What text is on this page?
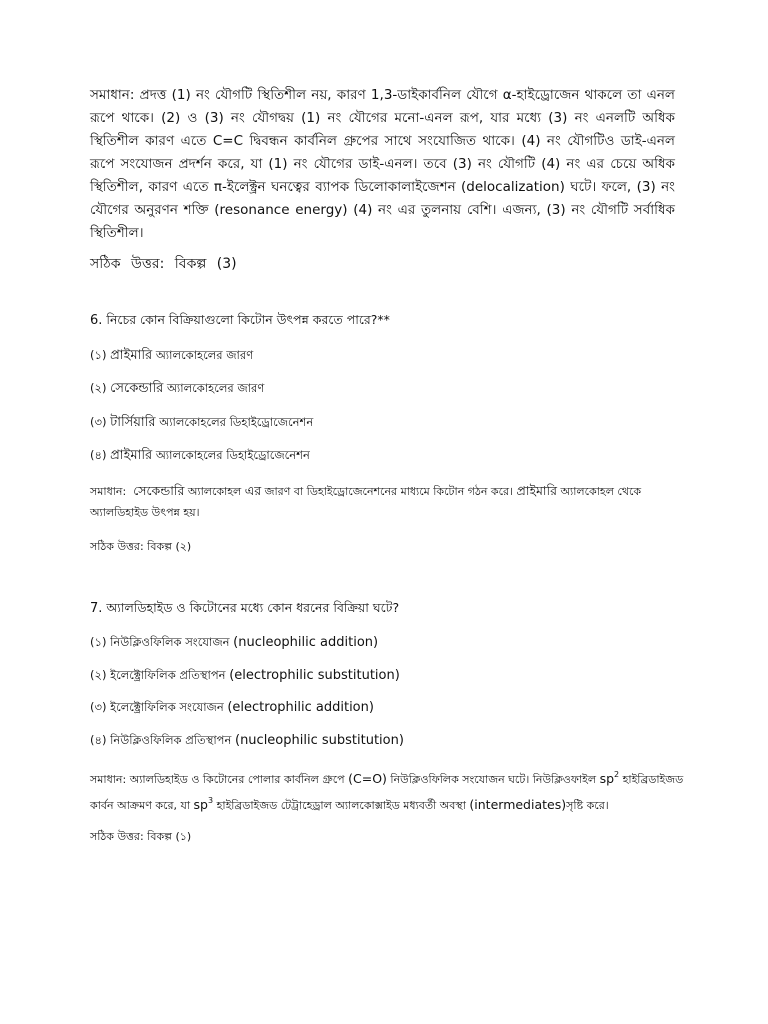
সমাধান: প্রদত্ত (1) নং যৌগটি স্থিতিশীল নয়, কারণ 1,3-ডাইকার্বনিল যৌগে α-হাইড্রোজেন থাকলে তা এনল রূপে থাকে। (2) ও (3) নং যৌগদ্বয় (1) নং যৌগের মনো-এনল রূপ, যার মধ্যে (3) নং এনলটি অধিক স্থিতিশীল কারণ এতে C=C দ্বিবন্ধন কার্বনিল গ্রুপের সাথে সংযোজিত থাকে। (4) নং যৌগটিও ডাই-এনল রূপে সংযোজন প্রদর্শন করে, যা (1) নং যৌগের ডাই-এনল। তবে (3) নং যৌগটি (4) নং এর চেয়ে অধিক স্থিতিশীল, কারণ এতে π-ইলেক্ট্রন ঘনত্বের ব্যাপক ডিলোকালাইজেশন (delocalization) ঘটে। ফলে, (3) নং যৌগের অনুরণন শক্তি (resonance energy) (4) নং এর তুলনায় বেশি। এজন্য, (3) নং যৌগটি সর্বাধিক স্থিতিশীল।
সঠিক উত্তর: বিকল্প (3)
6. নিচের কোন বিক্রিয়াগুলো কিটোন উৎপন্ন করতে পারে?**
(১) প্রাইমারি অ্যালকোহলের জারণ
(২) সেকেন্ডারি অ্যালকোহলের জারণ
(৩) টার্সিয়ারি অ্যালকোহলের ডিহাইড্রোজেনেশন
(৪) প্রাইমারি অ্যালকোহলের ডিহাইড্রোজেনেশন
সমাধান: সেকেন্ডারি অ্যালকোহল এর জারণ বা ডিহাইড্রোজেনেশনের মাধ্যমে কিটোন গঠন করে। প্রাইমারি অ্যালকোহল থেকে অ্যালডিহাইড উৎপন্ন হয়।
সঠিক উত্তর: বিকল্প (২)
7. অ্যালডিহাইড ও কিটোনের মধ্যে কোন ধরনের বিক্রিয়া ঘটে?
(১) নিউক্লিওফিলিক সংযোজন (nucleophilic addition)
(২) ইলেক্ট্রোফিলিক প্রতিস্থাপন (electrophilic substitution)
(৩) ইলেক্ট্রোফিলিক সংযোজন (electrophilic addition)
(৪) নিউক্লিওফিলিক প্রতিস্থাপন (nucleophilic substitution)
সমাধান: অ্যালডিহাইড ও কিটোনের পোলার কার্বনিল গ্রুপে (C=O) নিউক্লিওফিলিক সংযোজন ঘটে। নিউক্লিওফাইল $sp^2$ হাইব্রিডাইজড কার্বন আক্রমণ করে, যা $sp^3$ হাইব্রিডাইজড টেট্রাহেড্রাল অ্যালকোক্সাইড মধ্যবর্তী অবস্থা (intermediates)সৃষ্টি করে।
সঠিক উত্তর: বিকল্প (১)
